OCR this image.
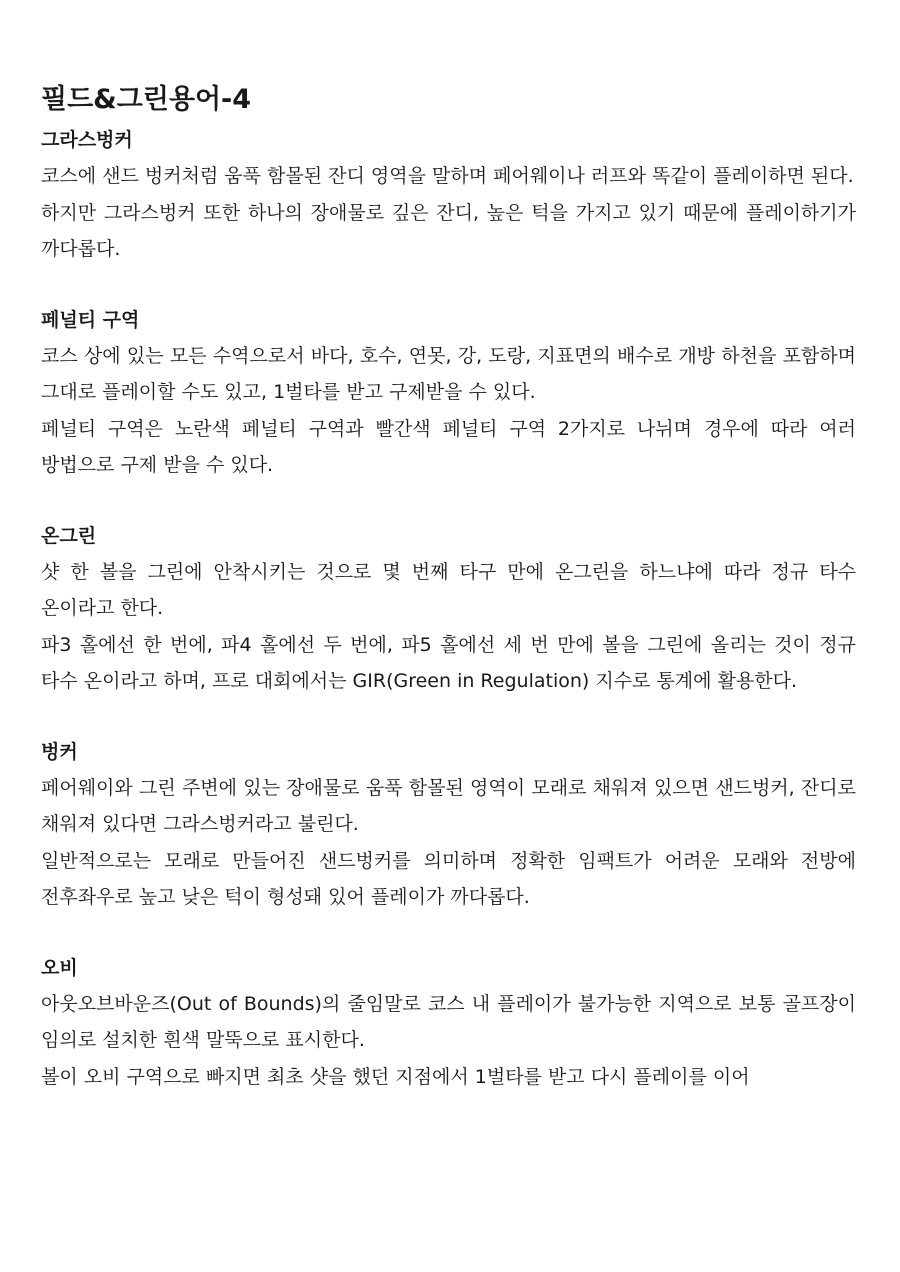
필드&그린용어-4
그라스벙커

코스에 샌드 벙커처럼 움푹 함몰된 잔디 영역을 말하며 페어웨이나 러프와 똑같이 플레이하면 된다.

하지만 그라스벙커 또한 하나의 장애물로 깊은 잔디, 높은 턱을 가지고 있기 때문에 플레이하기가 까다롭다.

페널티 구역

코스 상에 있는 모든 수역으로서 바다, 호수, 연못, 강, 도랑, 지표면의 배수로 개방 하천을 포함하며 그대로 플레이할 수도 있고, 1벌타를 받고 구제받을 수 있다.

페널티 구역은 노란색 페널티 구역과 빨간색 페널티 구역 2가지로 나뉘며 경우에 따라 여러 방법으로 구제 받을 수 있다.

온그린

샷 한 볼을 그린에 안착시키는 것으로 몇 번째 타구 만에 온그린을 하느냐에 따라 정규 타수 온이라고 한다.

파3 홀에선 한 번에, 파4 홀에선 두 번에, 파5 홀에선 세 번 만에 볼을 그린에 올리는 것이 정규 타수 온이라고 하며, 프로 대회에서는 GIR(Green in Regulation) 지수로 통계에 활용한다.

벙커

페어웨이와 그린 주변에 있는 장애물로 움푹 함몰된 영역이 모래로 채워져 있으면 샌드벙커, 잔디로 채워져 있다면 그라스벙커라고 불린다.

일반적으로는 모래로 만들어진 샌드벙커를 의미하며 정확한 임팩트가 어려운 모래와 전방에 전후좌우로 높고 낮은 턱이 형성돼 있어 플레이가 까다롭다.

오비

아웃오브바운즈(Out of Bounds)의 줄임말로 코스 내 플레이가 불가능한 지역으로 보통 골프장이 임의로 설치한 흰색 말뚝으로 표시한다.

볼이 오비 구역으로 빠지면 최초 샷을 했던 지점에서 1벌타를 받고 다시 플레이를 이어
